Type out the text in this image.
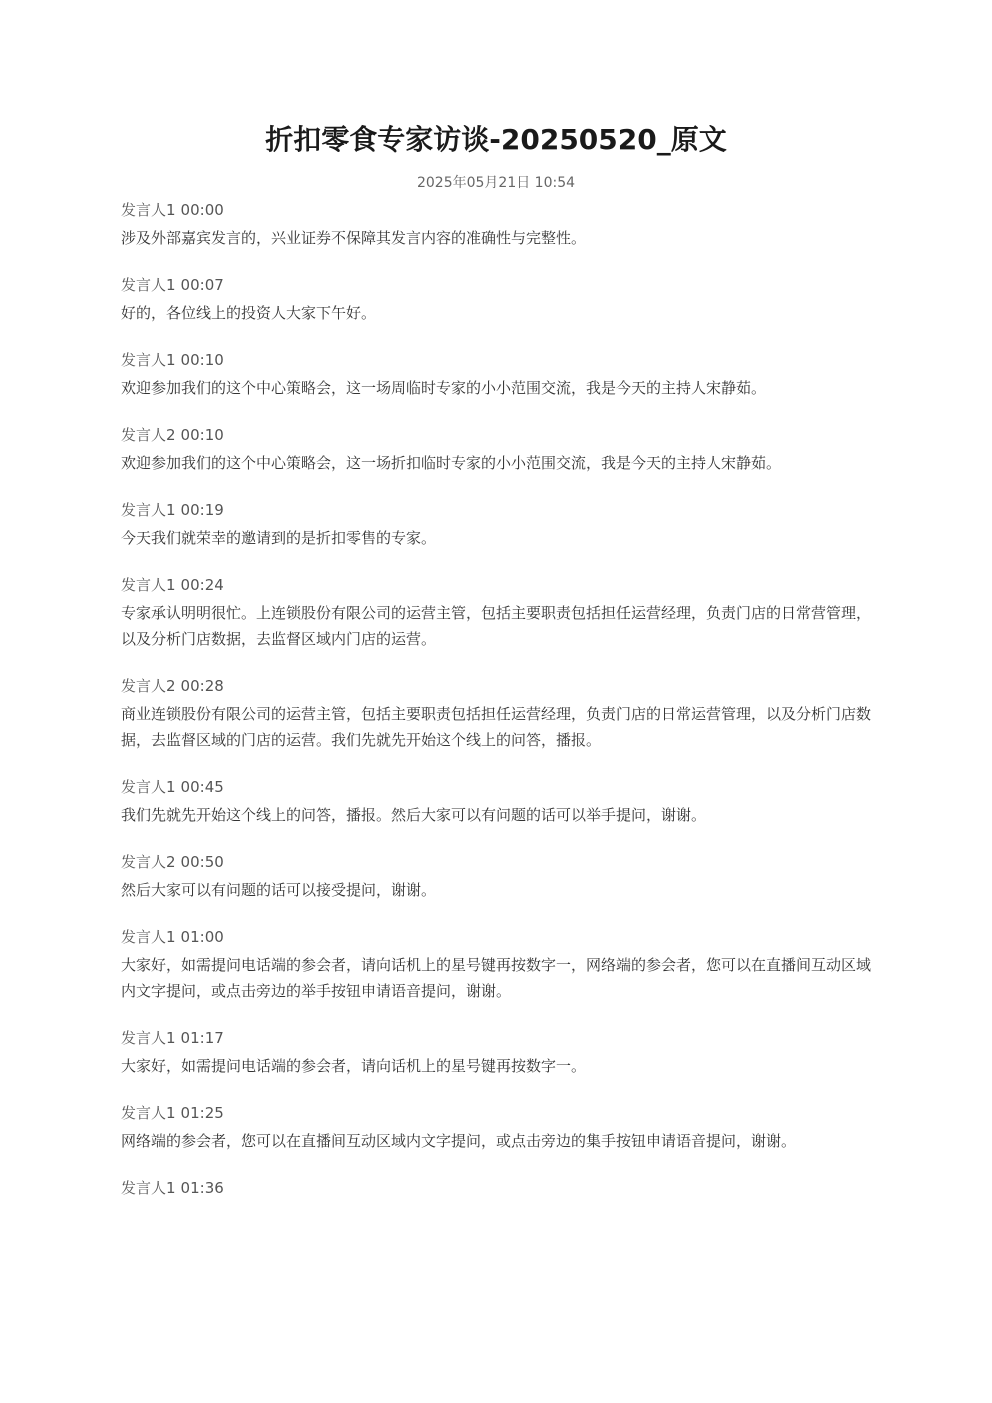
折扣零食专家访谈-20250520_原文
2025年05月21日 10:54
发言人1 00:00

涉及外部嘉宾发言的，兴业证券不保障其发言内容的准确性与完整性。

发言人1 00:07

好的，各位线上的投资人大家下午好。

发言人1 00:10

欢迎参加我们的这个中心策略会，这一场周临时专家的小小范围交流，我是今天的主持人宋静茹。

发言人2 00:10

欢迎参加我们的这个中心策略会，这一场折扣临时专家的小小范围交流，我是今天的主持人宋静茹。

发言人1 00:19

今天我们就荣幸的邀请到的是折扣零售的专家。

发言人1 00:24

专家承认明明很忙。上连锁股份有限公司的运营主管，包括主要职责包括担任运营经理，负责门店的日常营管理，以及分析门店数据，去监督区域内门店的运营。

发言人2 00:28

商业连锁股份有限公司的运营主管，包括主要职责包括担任运营经理，负责门店的日常运营管理，以及分析门店数据，去监督区域的门店的运营。我们先就先开始这个线上的问答，播报。

发言人1 00:45

我们先就先开始这个线上的问答，播报。然后大家可以有问题的话可以举手提问，谢谢。

发言人2 00:50

然后大家可以有问题的话可以接受提问，谢谢。

发言人1 01:00

大家好，如需提问电话端的参会者，请向话机上的星号键再按数字一，网络端的参会者，您可以在直播间互动区域内文字提问，或点击旁边的举手按钮申请语音提问，谢谢。

发言人1 01:17

大家好，如需提问电话端的参会者，请向话机上的星号键再按数字一。

发言人1 01:25

网络端的参会者，您可以在直播间互动区域内文字提问，或点击旁边的集手按钮申请语音提问，谢谢。

发言人1 01:36
